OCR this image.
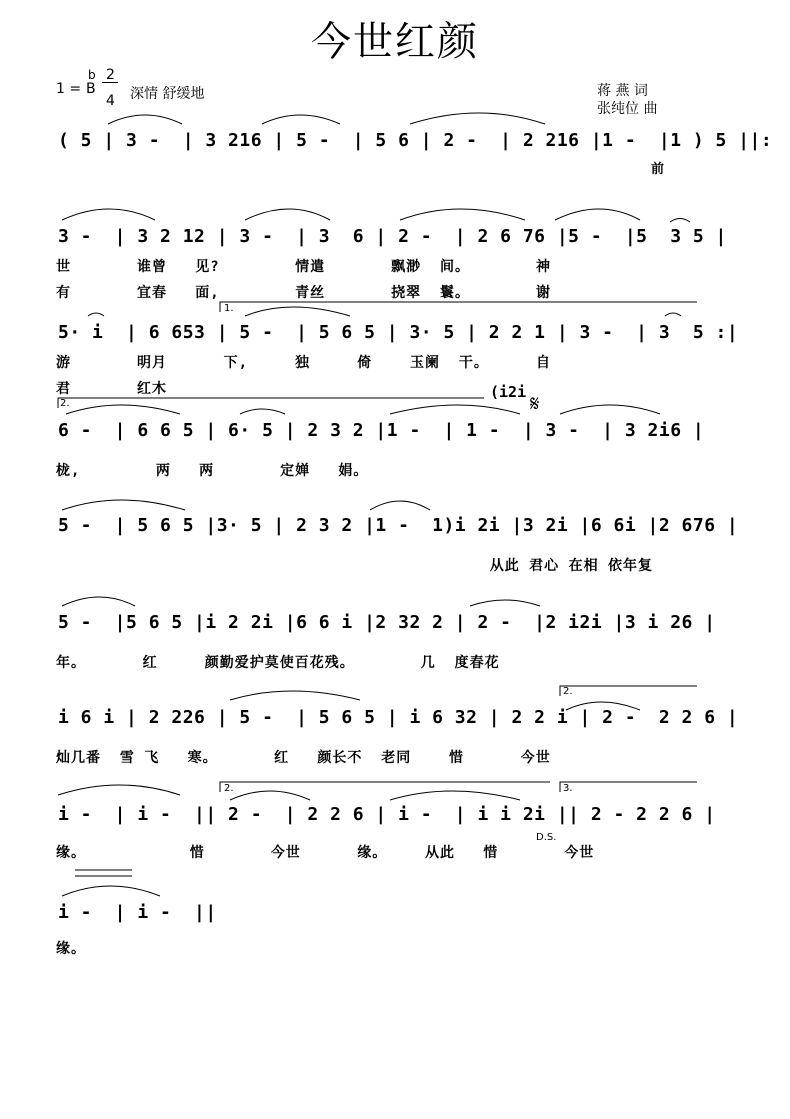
今世红颜
1 =
b
B
2
4 深情 舒缓地	蒋 燕 词
张纯位 曲
( 5 | 3 -  | 3 216 | 5 -  | 5 6 | 2 -  | 2 216 |1 -  |1 ) 5 ||:
前
3 -  | 3 2 12 | 3 -  | 3  6 | 2 -  | 2 6 76 |5 -  |5  3 5 |
世       谁曾   见?        情遣       飘渺  间。       神
有       宜春   面,        青丝       挠翠  鬟。       谢
5· i  | 6 653 | 5 -  | 5 6 5 | 3· 5 | 2 2 1 | 3 -  | 3  5 :|
游       明月      下,     独     倚    玉阑  干。     自
君       红木
1.
6 -  | 6 6 5 | 6· 5 | 2 3 2 |1 -  | 1 -  | 3 -  | 3 2i6 |
栊,        两   两       定婵   娟。
2.
(i2i 𝄋
5 -  | 5 6 5 |3· 5 | 2 3 2 |1 -  1)i 2i |3 2i |6 6i |2 676 |
从此 君心 在相 依年复
5 -  |5 6 5 |i 2 2i |6 6 i |2 32 2 | 2 -  |2 i2i |3 i 26 |
年。      红     颜勤爱护莫使百花残。       几  度春花
i 6 i | 2 226 | 5 -  | 5 6 5 | i 6 32 | 2 2 i | 2 -  2 2 6 |
灿几番  雪 飞   寒。      红   颜长不  老同    惜      今世
2.
i -  | i -  || 2 -  | 2 2 6 | i -  | i i 2i || 2 - 2 2 6 |
缘。           惜       今世      缘。    从此   惜       今世
2.	3.
D.S.
i -  | i -  ||
缘。
